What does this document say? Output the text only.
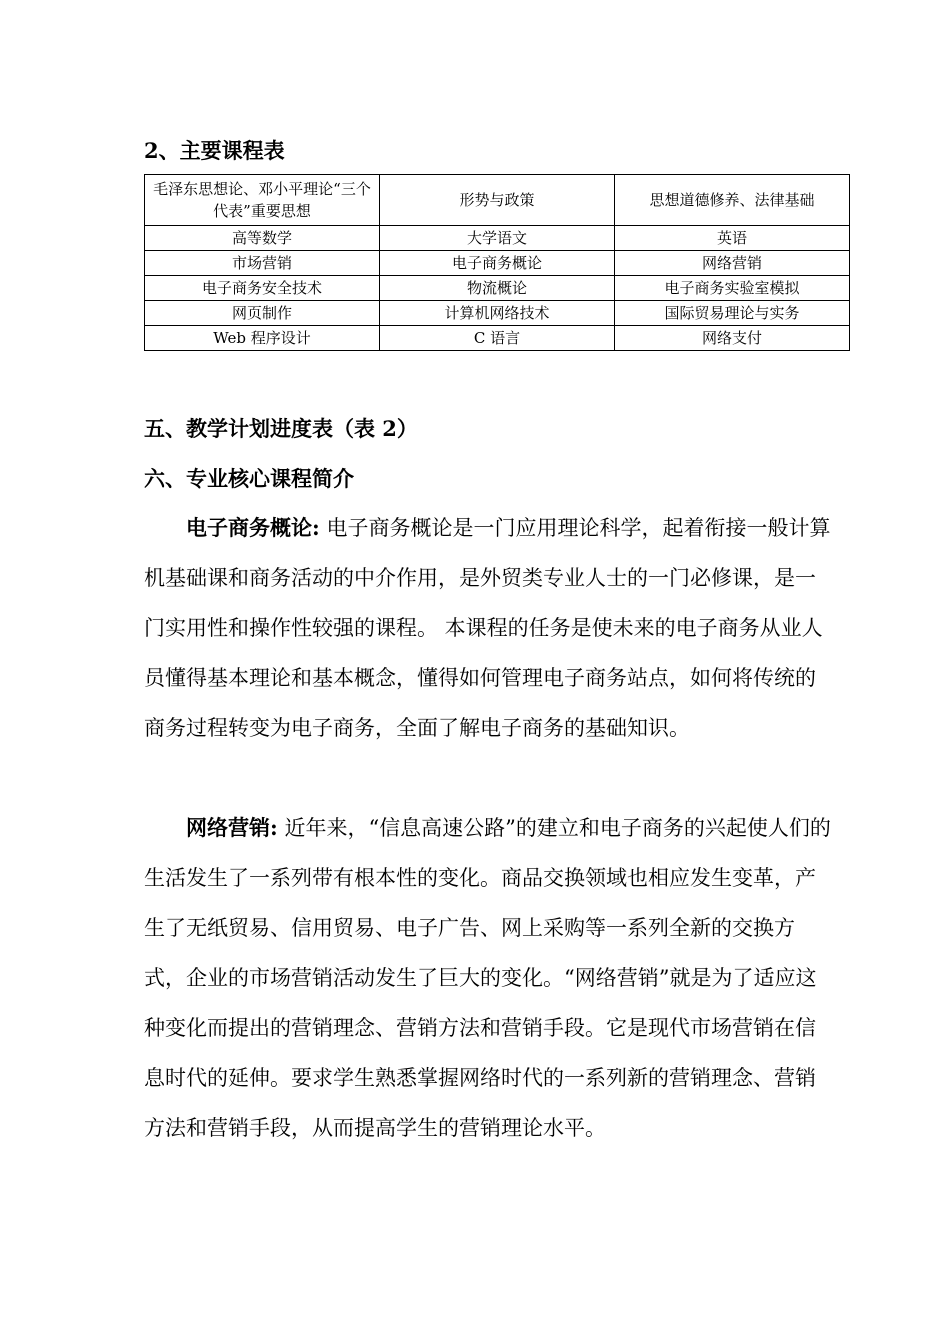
2、主要课程表
毛泽东思想论、邓小平理论“三个代表”重要思想	形势与政策	思想道德修养、法律基础
高等数学	大学语文	英语
市场营销	电子商务概论	网络营销
电子商务安全技术	物流概论	电子商务实验室模拟
网页制作	计算机网络技术	国际贸易理论与实务
Web 程序设计	C 语言	网络支付
五、教学计划进度表（表 2）
六、专业核心课程简介

电子商务概论: 电子商务概论是一门应用理论科学，起着衔接一般计算机基础课和商务活动的中介作用，是外贸类专业人士的一门必修课，是一门实用性和操作性较强的课程。 本课程的任务是使未来的电子商务从业人员懂得基本理论和基本概念，懂得如何管理电子商务站点，如何将传统的商务过程转变为电子商务，全面了解电子商务的基础知识。

网络营销: 近年来，“信息高速公路”的建立和电子商务的兴起使人们的生活发生了一系列带有根本性的变化。商品交换领域也相应发生变革，产生了无纸贸易、信用贸易、电子广告、网上采购等一系列全新的交换方式，企业的市场营销活动发生了巨大的变化。“网络营销”就是为了适应这种变化而提出的营销理念、营销方法和营销手段。它是现代市场营销在信息时代的延伸。要求学生熟悉掌握网络时代的一系列新的营销理念、营销方法和营销手段，从而提高学生的营销理论水平。
